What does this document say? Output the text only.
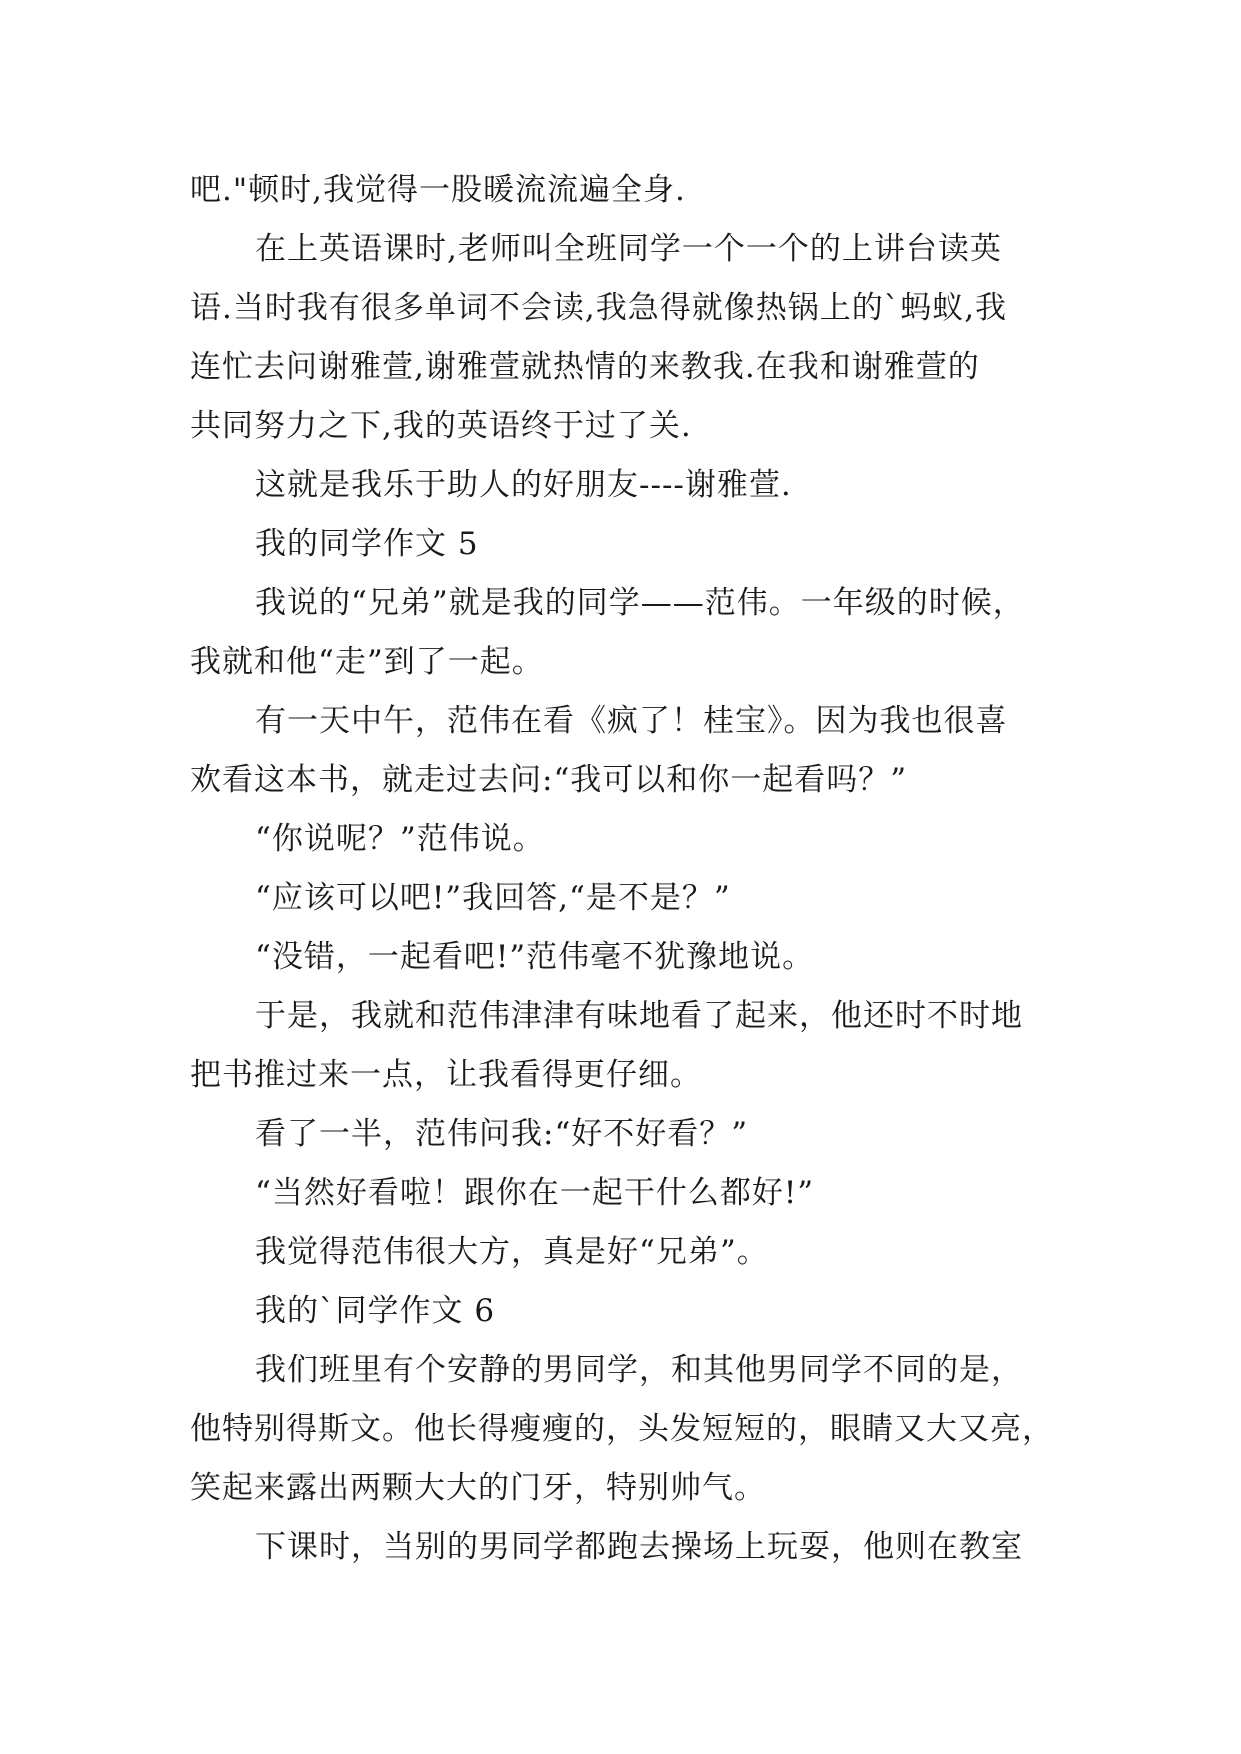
吧."顿时,我觉得一股暖流流遍全身.
在上英语课时,老师叫全班同学一个一个的上讲台读英
语.当时我有很多单词不会读,我急得就像热锅上的`蚂蚁,我
连忙去问谢雅萱,谢雅萱就热情的来教我.在我和谢雅萱的
共同努力之下,我的英语终于过了关.
这就是我乐于助人的好朋友----谢雅萱.
我的同学作文 5
我说的“兄弟”就是我的同学——范伟。一年级的时候，
我就和他“走”到了一起。
有一天中午，范伟在看《疯了！桂宝》。因为我也很喜
欢看这本书，就走过去问:“我可以和你一起看吗？”
“你说呢？”范伟说。
“应该可以吧!”我回答,“是不是？”
“没错，一起看吧!”范伟毫不犹豫地说。
于是，我就和范伟津津有味地看了起来，他还时不时地
把书推过来一点，让我看得更仔细。
看了一半，范伟问我:“好不好看？”
“当然好看啦！跟你在一起干什么都好!”
我觉得范伟很大方，真是好“兄弟”。
我的`同学作文 6
我们班里有个安静的男同学，和其他男同学不同的是，
他特别得斯文。他长得瘦瘦的，头发短短的，眼睛又大又亮，
笑起来露出两颗大大的门牙，特别帅气。
下课时，当别的男同学都跑去操场上玩耍，他则在教室
